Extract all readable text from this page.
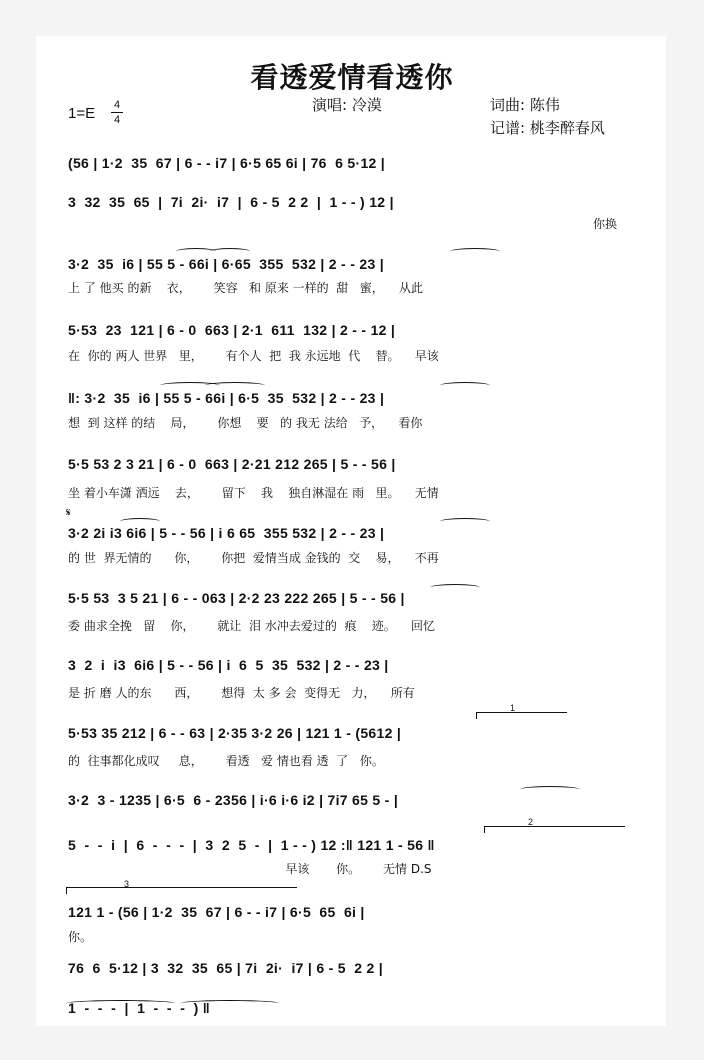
看透爱情看透你
演唱: 冷漠	词曲: 陈伟
记谱: 桃李醉春风
1=E 4
4
(56 | 1·2  35  67 | 6 - - i7 | 6·5 65 6i | 76  6 5·12 |
3  32  35  65  |  7i  2i·  i7  |  6 - 5  2 2  |  1 - - ) 12 |
3·2  35  i6 | 55 5 - 66i | 6·65  355  532 | 2 - - 23 |
5·53  23  121 | 6 - 0  663 | 2·1  611  132 | 2 - - 12 |
‖: 3·2  35  i6 | 55 5 - 66i | 6·5  35  532 | 2 - - 23 |
5·5 53 2 3 21 | 6 - 0  663 | 2·21 212 265 | 5 - - 56 |
3·2 2i i3 6i6 | 5 - - 56 | i 6 65  355 532 | 2 - - 23 |
5·5 53  3 5 21 | 6 - - 063 | 2·2 23 222 265 | 5 - - 56 |
3  2  i  i3  6i6 | 5 - - 56 | i  6  5  35  532 | 2 - - 23 |
5·53 35 212 | 6 - - 63 | 2·35 3·2 26 | 121 1 - (5612 |
3·2  3 - 1235 | 6·5  6 - 2356 | i·6 i·6 i2 | 7i7 65 5 - |
5  -  -  i  |  6  -  -  -  |  3  2  5  -  |  1 - - ) 12 :‖ 121 1 - 56 ‖
121 1 - (56 | 1·2  35  67 | 6 - - i7 | 6·5  65  6i |
76  6  5·12 | 3  32  35  65 | 7i  2i·  i7 | 6 - 5  2 2 |
1  -  -  -  |  1  -  -  -  ) ‖
你换
上 了 他买 的新    衣，      笑容   和 原来 一样的  甜   蜜，    从此
在  你的 两人 世界   里，      有个人  把  我 永远地  代    替。    早该
想  到 这样 的结    局，      你想    要   的 我无 法给   予，    看你
坐 着小车潇 洒远    去，      留下    我    独自淋湿在 雨   里。    无情
的 世  界无情的      你，      你把  爱情当成 金钱的  交    易，    不再
委 曲求全挽   留    你，      就让  泪 水冲去爱过的  痕    迹。    回忆
是 折 磨 人的东      西，      想得  太 多 会  变得无   力，    所有
的  往事都化成叹     息，      看透   爱 情也看 透  了   你。
早该       你。      无情 D.S
你。
𝄋
1
2
3
